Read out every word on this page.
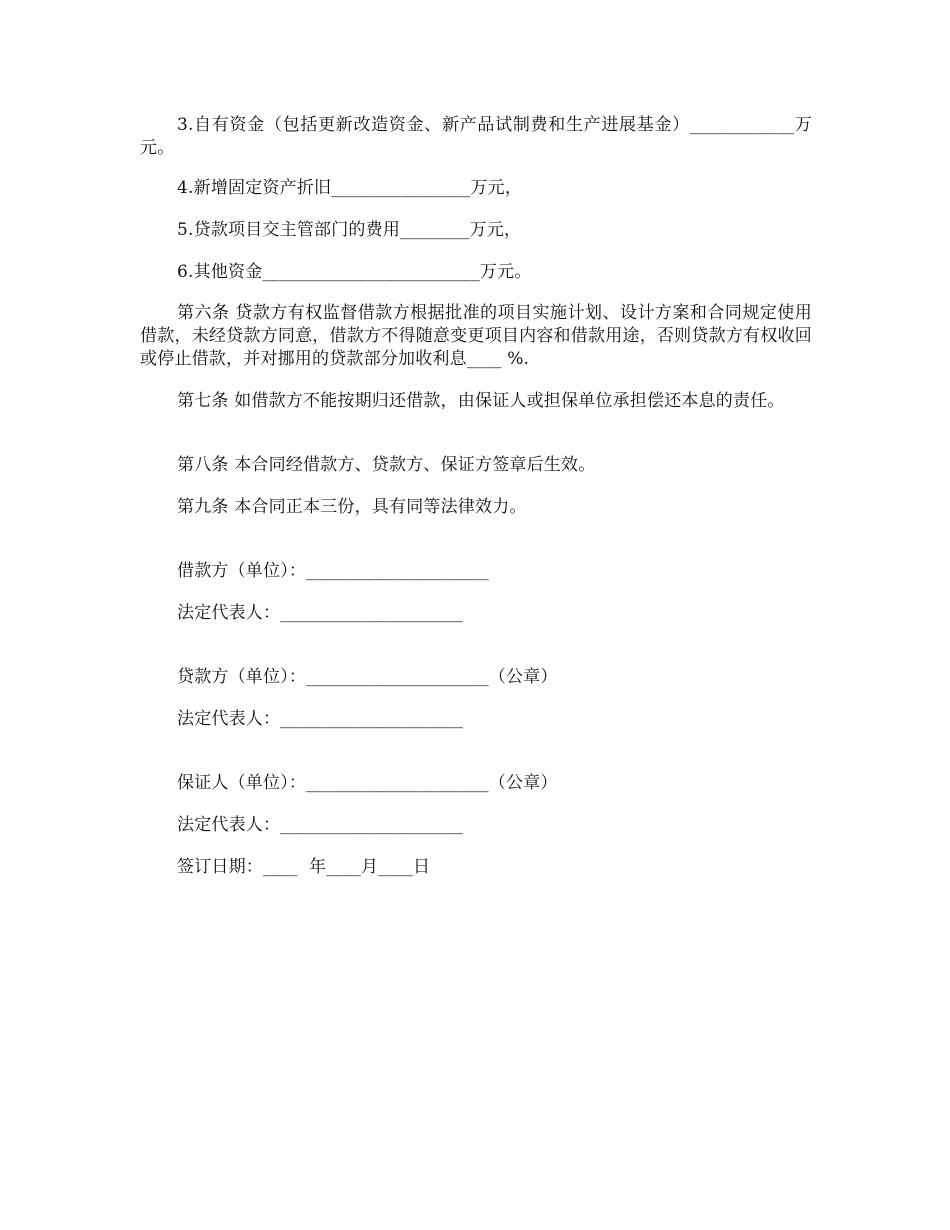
3.自有资金（包括更新改造资金、新产品试制费和生产进展基金）____________万元。
4.新增固定资产折旧________________万元，
5.贷款项目交主管部门的费用________万元，
6.其他资金_________________________万元。
第六条 贷款方有权监督借款方根据批准的项目实施计划、设计方案和合同规定使用借款，未经贷款方同意，借款方不得随意变更项目内容和借款用途，否则贷款方有权收回或停止借款，并对挪用的贷款部分加收利息____ %.
第七条 如借款方不能按期归还借款，由保证人或担保单位承担偿还本息的责任。
第八条 本合同经借款方、贷款方、保证方签章后生效。
第九条 本合同正本三份，具有同等法律效力。
借款方（单位）：_____________________
法定代表人：_____________________
贷款方（单位）：_____________________（公章）
法定代表人：_____________________
保证人（单位）：_____________________（公章）
法定代表人：_____________________
签订日期：____  年____月____日
